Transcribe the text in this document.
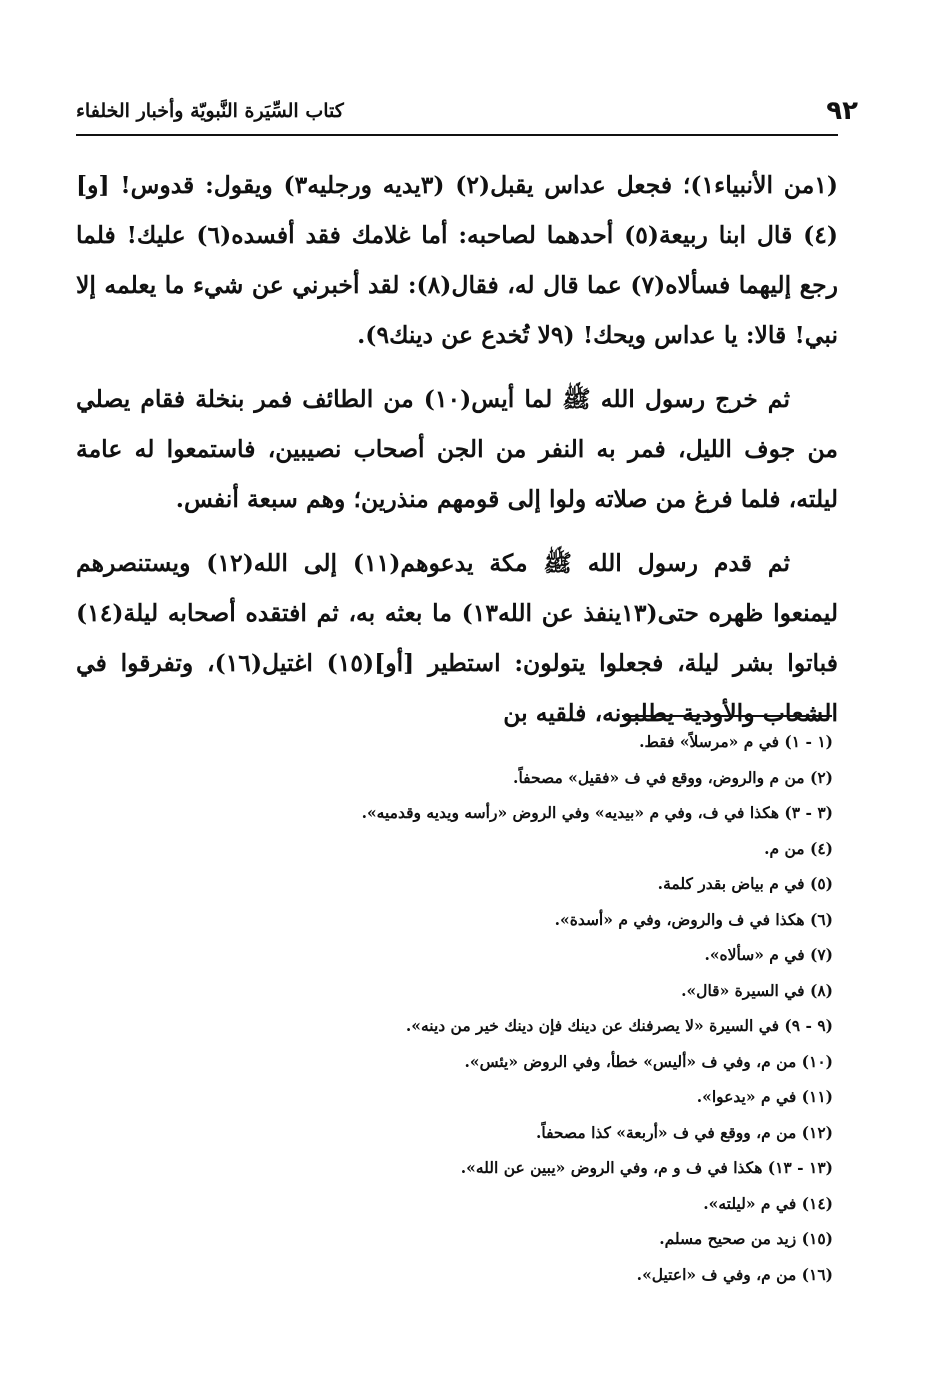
٩٢
كتاب السِّيَرة النَّبويّة وأخبار الخلفاء

(١من الأنبياء١)؛ فجعل عداس يقبل(٢) (٣يديه ورجليه٣) ويقول: قدوس! [و](٤) قال ابنا ربيعة(٥) أحدهما لصاحبه: أما غلامك فقد أفسده(٦) عليك! فلما رجع إليهما فسألاه(٧) عما قال له، فقال(٨): لقد أخبرني عن شيء ما يعلمه إلا نبي! قالا: يا عداس ويحك! (٩لا تُخدع عن دينك٩).

ثم خرج رسول الله ﷺ لما أيس(١٠) من الطائف فمر بنخلة فقام يصلي من جوف الليل، فمر به النفر من الجن أصحاب نصيبين، فاستمعوا له عامة ليلته، فلما فرغ من صلاته ولوا إلى قومهم منذرين؛ وهم سبعة أنفس.

ثم قدم رسول الله ﷺ مكة يدعوهم(١١) إلى الله(١٢) ويستنصرهم ليمنعوا ظهره حتى(١٣ينفذ عن الله١٣) ما بعثه به، ثم افتقده أصحابه ليلة(١٤) فباتوا بشر ليلة، فجعلوا يتولون: استطير [أو](١٥) اغتيل(١٦)، وتفرقوا في الشعاب والأودية يطلبونه، فلقيه بن

(١ - ١) في م «مرسلاً» فقط.
(٢) من م والروض، ووقع في ف «فقيل» مصحفاً.
(٣ - ٣) هكذا في ف، وفي م «بيديه» وفي الروض «رأسه ويديه وقدميه».
(٤) من م.
(٥) في م بياض بقدر كلمة.
(٦) هكذا في ف والروض، وفي م «أسدة».
(٧) في م «سألاه».
(٨) في السيرة «قال».
(٩ - ٩) في السيرة «لا يصرفنك عن دينك فإن دينك خير من دينه».
(١٠) من م، وفي ف «أليس» خطأ، وفي الروض «يئس».
(١١) في م «يدعوا».
(١٢) من م، ووقع في ف «أربعة» كذا مصحفاً.
(١٣ - ١٣) هكذا في ف و م، وفي الروض «يبين عن الله».
(١٤) في م «ليلته».
(١٥) زيد من صحيح مسلم.
(١٦) من م، وفي ف «اعتيل».
